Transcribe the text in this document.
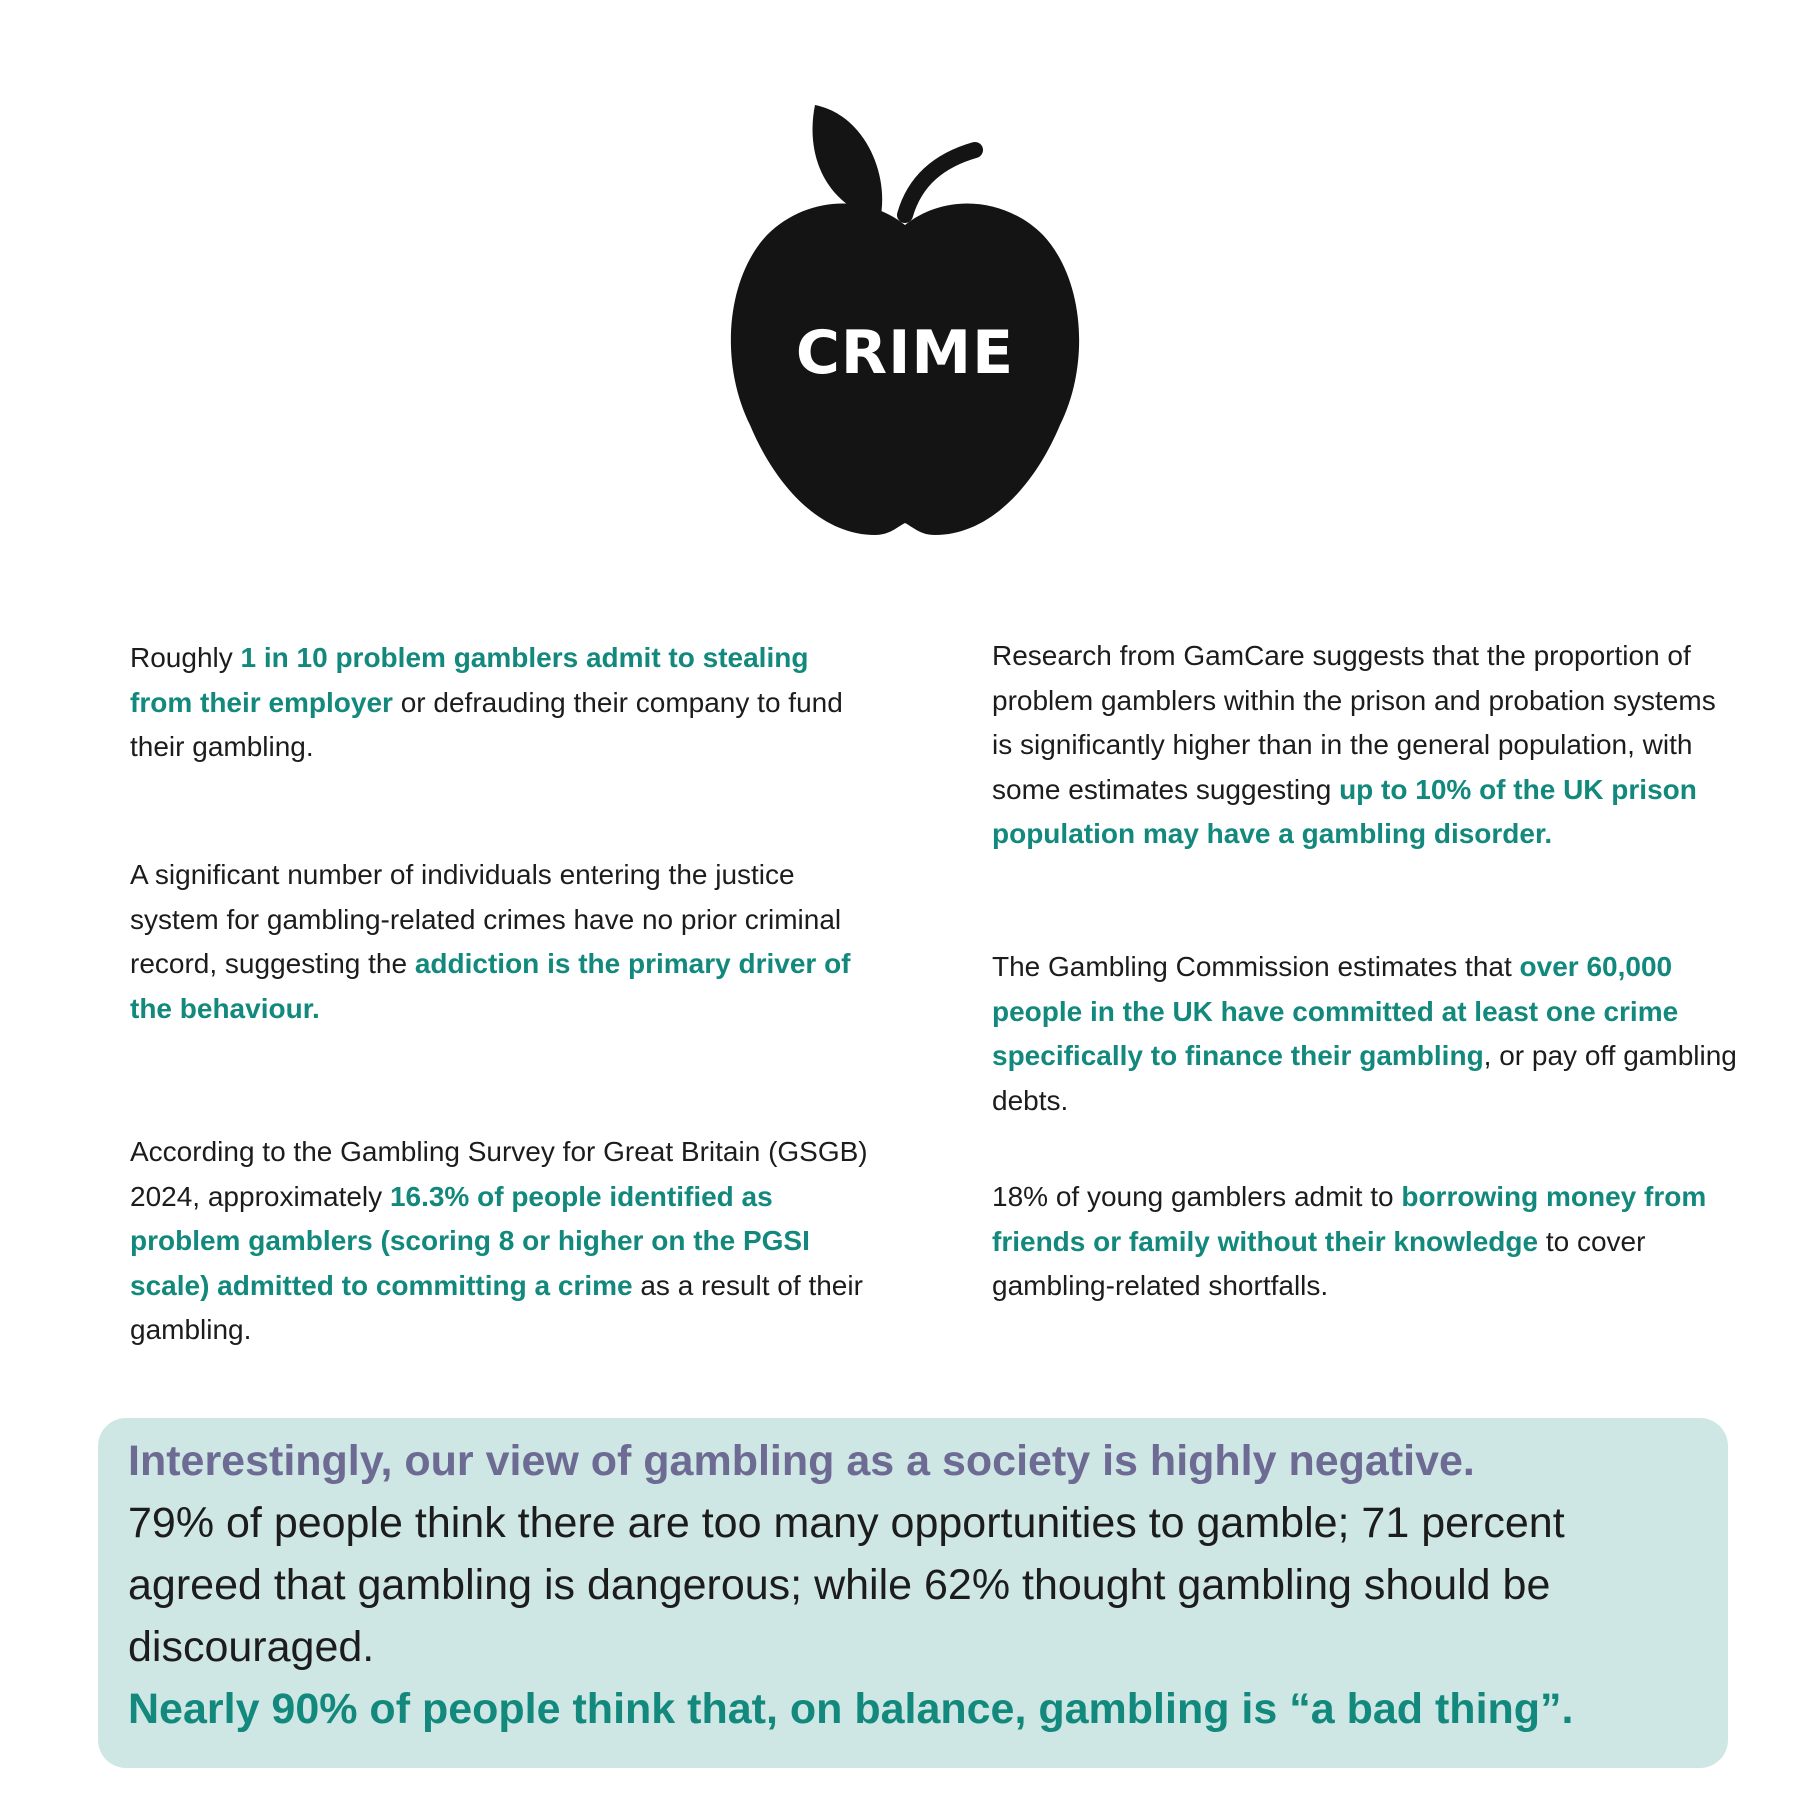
CRIME
Roughly 1 in 10 problem gamblers admit to stealing from their employer or defrauding their company to fund their gambling.
A significant number of individuals entering the justice system for gambling-related crimes have no prior criminal record, suggesting the addiction is the primary driver of the behaviour.
According to the Gambling Survey for Great Britain (GSGB) 2024, approximately 16.3% of people identified as problem gamblers (scoring 8 or higher on the PGSI scale) admitted to committing a crime as a result of their gambling.
Research from GamCare suggests that the proportion of problem gamblers within the prison and probation systems is significantly higher than in the general population, with some estimates suggesting up to 10% of the UK prison population may have a gambling disorder.
The Gambling Commission estimates that over 60,000 people in the UK have committed at least one crime specifically to finance their gambling, or pay off gambling debts.
18% of young gamblers admit to borrowing money from friends or family without their knowledge to cover gambling-related shortfalls.
Interestingly, our view of gambling as a society is highly negative.
79% of people think there are too many opportunities to gamble; 71 percent agreed that gambling is dangerous; while 62% thought gambling should be discouraged.
Nearly 90% of people think that, on balance, gambling is “a bad thing”.
